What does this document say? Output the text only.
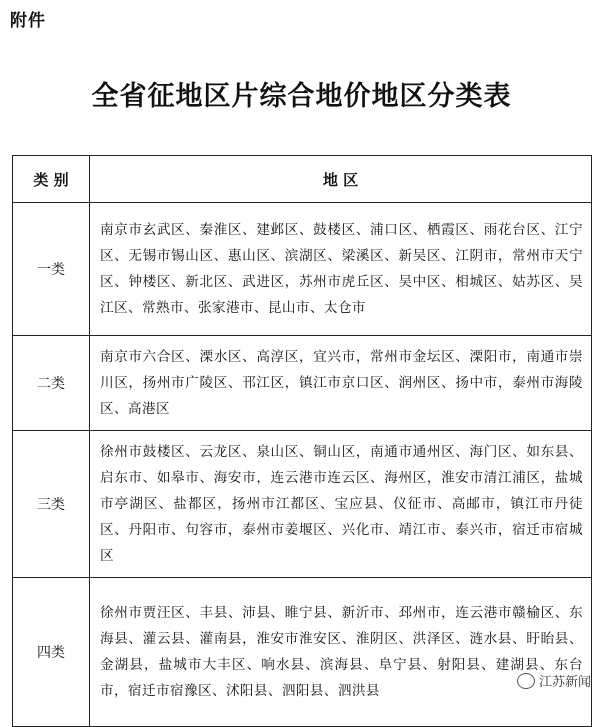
附件
全省征地区片综合地价地区分类表
类 别	地 区
一类	南京市玄武区、秦淮区、建邺区、鼓楼区、浦口区、栖霞区、雨花台区、江宁区、无锡市锡山区、惠山区、滨湖区、梁溪区、新吴区、江阴市，常州市天宁区、钟楼区、新北区、武进区，苏州市虎丘区、吴中区、相城区、姑苏区、吴江区、常熟市、张家港市、昆山市、太仓市
二类	南京市六合区、溧水区、高淳区，宜兴市，常州市金坛区、溧阳市，南通市崇川区，扬州市广陵区、邗江区，镇江市京口区、润州区、扬中市，泰州市海陵区、高港区
三类	徐州市鼓楼区、云龙区、泉山区、铜山区，南通市通州区、海门区、如东县、启东市、如皋市、海安市，连云港市连云区、海州区，淮安市清江浦区，盐城市亭湖区、盐都区，扬州市江都区、宝应县、仪征市、高邮市，镇江市丹徒区、丹阳市、句容市，泰州市姜堰区、兴化市、靖江市、泰兴市，宿迁市宿城区
四类	徐州市贾汪区、丰县、沛县、睢宁县、新沂市、邳州市，连云港市赣榆区、东海县、灌云县、灌南县，淮安市淮安区、淮阴区、洪泽区、涟水县、盱眙县、金湖县，盐城市大丰区、响水县、滨海县、阜宁县、射阳县、建湖县、东台市，宿迁市宿豫区、沭阳县、泗阳县、泗洪县
江苏新闻
